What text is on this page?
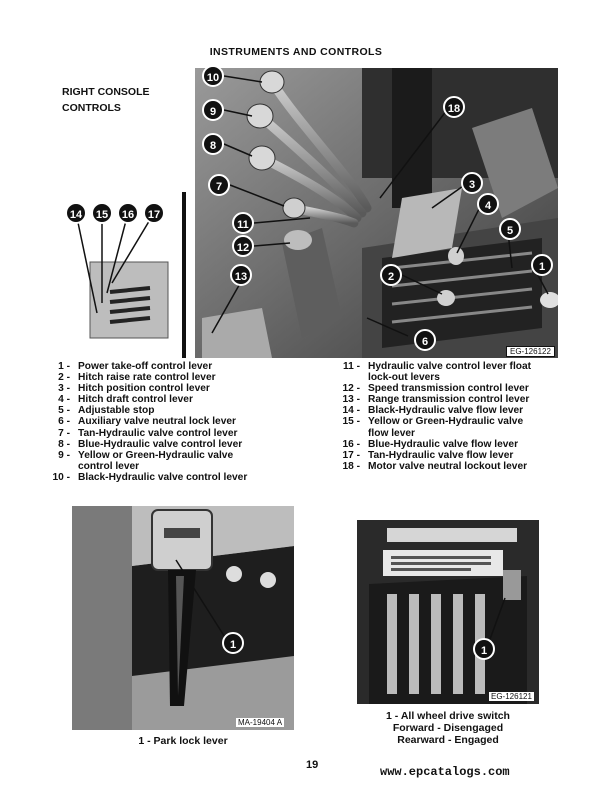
INSTRUMENTS AND CONTROLS
RIGHT CONSOLE
CONTROLS
10
9
8
7
11
12
13
18
3
4
5
1
2
6
14	15	16	17
EG-126122
1 - Power take-off control lever
2 - Hitch raise rate control lever
3 - Hitch position control lever
4 - Hitch draft control lever
5 - Adjustable stop
6 - Auxiliary valve neutral lock lever
7 - Tan-Hydraulic valve control lever
8 - Blue-Hydraulic valve control lever
9 - Yellow or Green-Hydraulic valve
control lever
10 - Black-Hydraulic valve control lever
11 - Hydraulic valve control lever float
lock-out levers
12 - Speed transmission control lever
13 - Range transmission control lever
14 - Black-Hydraulic valve flow lever
15 - Yellow or Green-Hydraulic valve
flow lever
16 - Blue-Hydraulic valve flow lever
17 - Tan-Hydraulic valve flow lever
18 - Motor valve neutral lockout lever
1
MA-19404 A
1 - Park lock lever
1
EG-126121
1 - All wheel drive switch
Forward - Disengaged
Rearward - Engaged
19	www.epcatalogs.com
